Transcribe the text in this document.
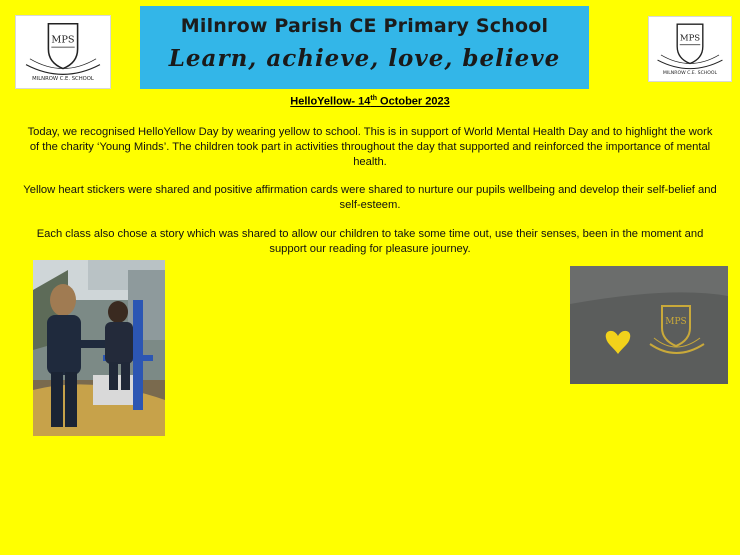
MPS
MILNROW C.E. SCHOOL
Milnrow Parish CE Primary School
Learn, achieve, love, believe
MPS
MILNROW C.E. SCHOOL
HelloYellow- 14th October 2023
Today, we recognised HelloYellow Day by wearing yellow to school. This is in support of World Mental Health Day and to highlight the work of the charity ‘Young Minds’. The children took part in activities throughout the day that supported and reinforced the importance of mental health.
Yellow heart stickers were shared and positive affirmation cards were shared to nurture our pupils wellbeing and develop their self-belief and self-esteem.
Each class also chose a story which was shared to allow our children to take some time out, use their senses, been in the moment and support our reading for pleasure journey.
MPS
